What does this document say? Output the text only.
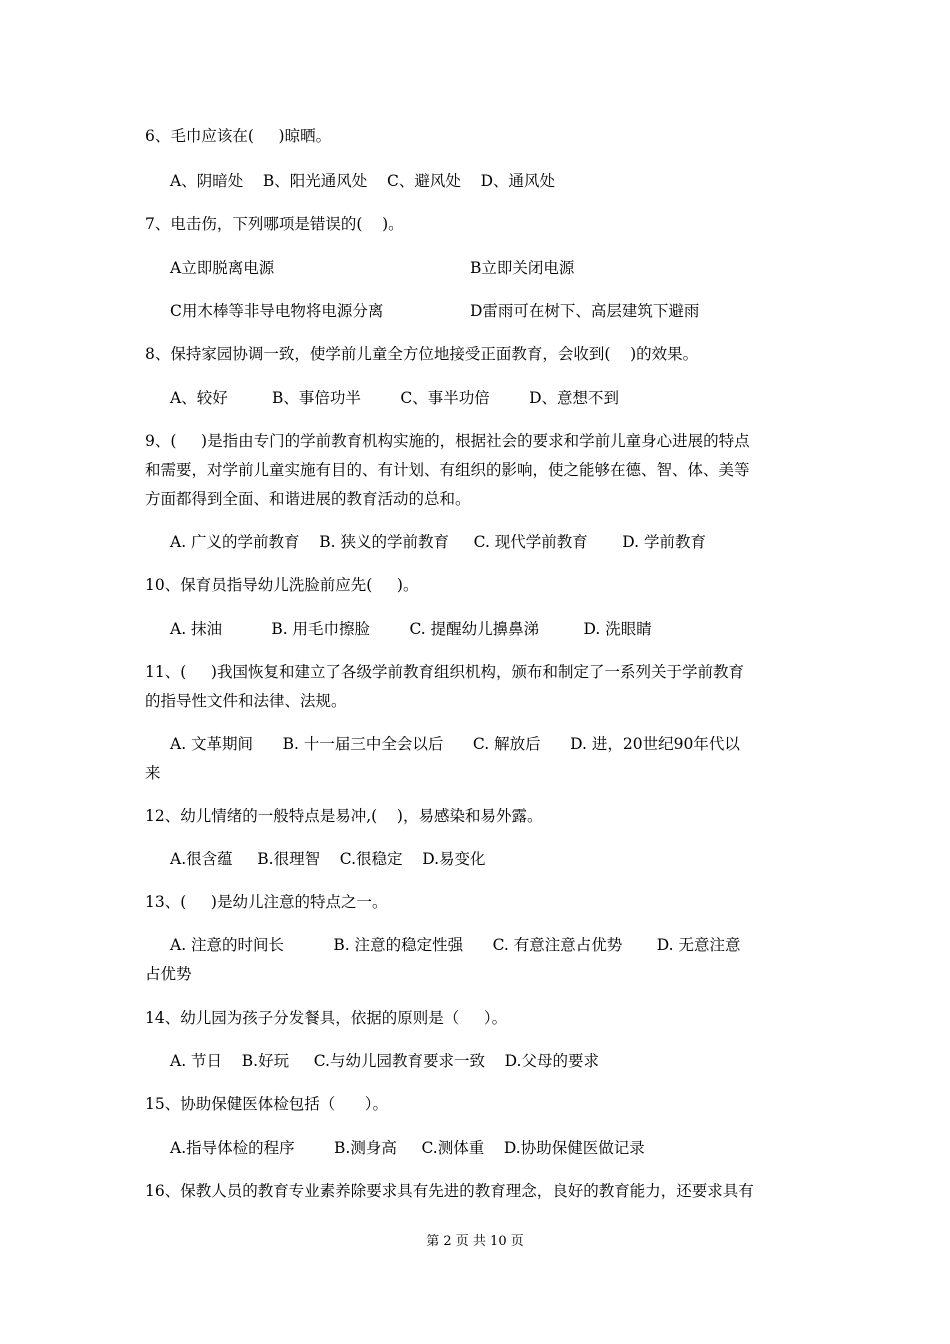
6、毛巾应该在(     )晾晒。
A、阴暗处    B、阳光通风处    C、避风处    D、通风处
7、电击伤，下列哪项是错误的(    )。
A立即脱离电源	B立即关闭电源
C用木棒等非导电物将电源分离	D雷雨可在树下、高层建筑下避雨
8、保持家园协调一致，使学前儿童全方位地接受正面教育，会收到(    )的效果。
A、较好         B、事倍功半        C、事半功倍        D、意想不到
9、(     )是指由专门的学前教育机构实施的，根据社会的要求和学前儿童身心进展的特点
和需要，对学前儿童实施有目的、有计划、有组织的影响，使之能够在德、智、体、美等
方面都得到全面、和谐进展的教育活动的总和。
A. 广义的学前教育    B. 狭义的学前教育     C. 现代学前教育       D. 学前教育
10、保育员指导幼儿洗脸前应先(     )。
A. 抹油          B. 用毛巾擦脸        C. 提醒幼儿擤鼻涕         D. 洗眼睛
11、(     )我国恢复和建立了各级学前教育组织机构，颁布和制定了一系列关于学前教育
的指导性文件和法律、法规。
A. 文革期间      B. 十一届三中全会以后      C. 解放后      D. 进，20世纪90年代以
来
12、幼儿情绪的一般特点是易冲,(    )，易感染和易外露。
A.很含蕴     B.很理智    C.很稳定    D.易变化
13、(     )是幼儿注意的特点之一。
A. 注意的时间长          B. 注意的稳定性强      C. 有意注意占优势       D. 无意注意
占优势
14、幼儿园为孩子分发餐具，依据的原则是（     ）。
A. 节日    B.好玩     C.与幼儿园教育要求一致    D.父母的要求
15、协助保健医体检包括（      ）。
A.指导体检的程序        B.测身高     C.测体重    D.协助保健医做记录
16、保教人员的教育专业素养除要求具有先进的教育理念，良好的教育能力，还要求具有
第 2 页 共 10 页
